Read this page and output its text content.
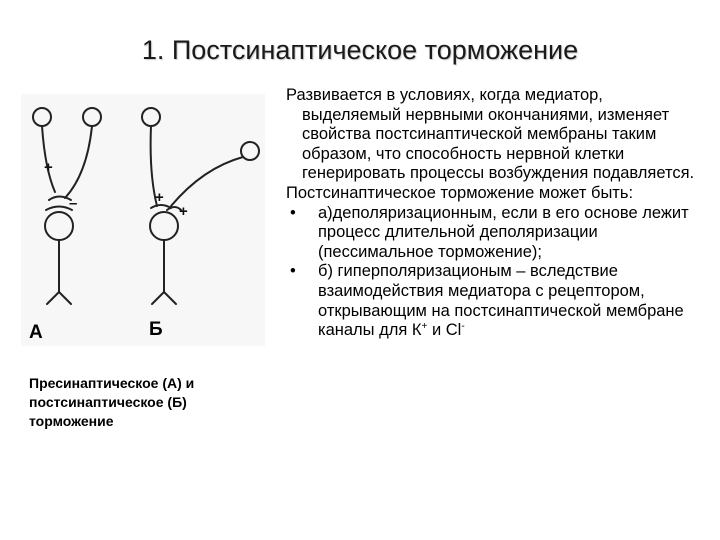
1. Постсинаптическое торможение
+
–	+
+
А	Б
Пресинаптическое (А) и постсинаптическое (Б) торможение
Развивается в условиях, когда медиатор, выделяемый нервными окончаниями, изменяет свойства постсинаптической мембраны таким образом, что способность нервной клетки генерировать процессы возбуждения подавляется.
Постсинаптическое торможение может быть:
•	а)деполяризационным, если в его основе лежит процесс длительной деполяризации (пессимальное торможение);
•	б) гиперполяризационым – вследствие взаимодействия медиатора с рецептором, открывающим на постсинаптической мембране каналы для К+ и Cl-
